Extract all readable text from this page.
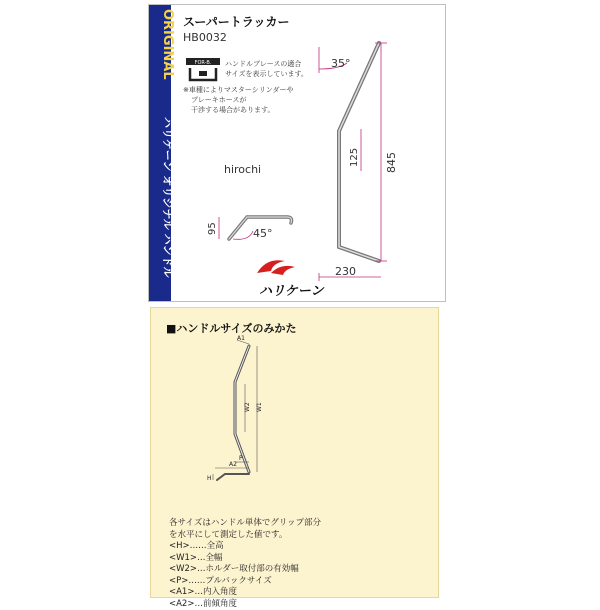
ORIGINAL
ハリケーン オリジナル ハンドル
スーパートラッカー
HB0032
FOR-B. ハンドルブレースの適合
サイズを表示しています。
※車種によりマスターシリンダーや
ブレーキホースが
干渉する場合があります。
35°
125 845
230
95	45°
ハリケーン
hirochi
■ハンドルサイズのみかた
A1
W2 W1
P
A2
H
各サイズはハンドル単体でグリップ部分
を水平にして測定した値です。
<H>……全高
<W1>…全幅
<W2>…ホルダー取付部の有効幅
<P>……プルバックサイズ
<A1>…内入角度
<A2>…前傾角度
